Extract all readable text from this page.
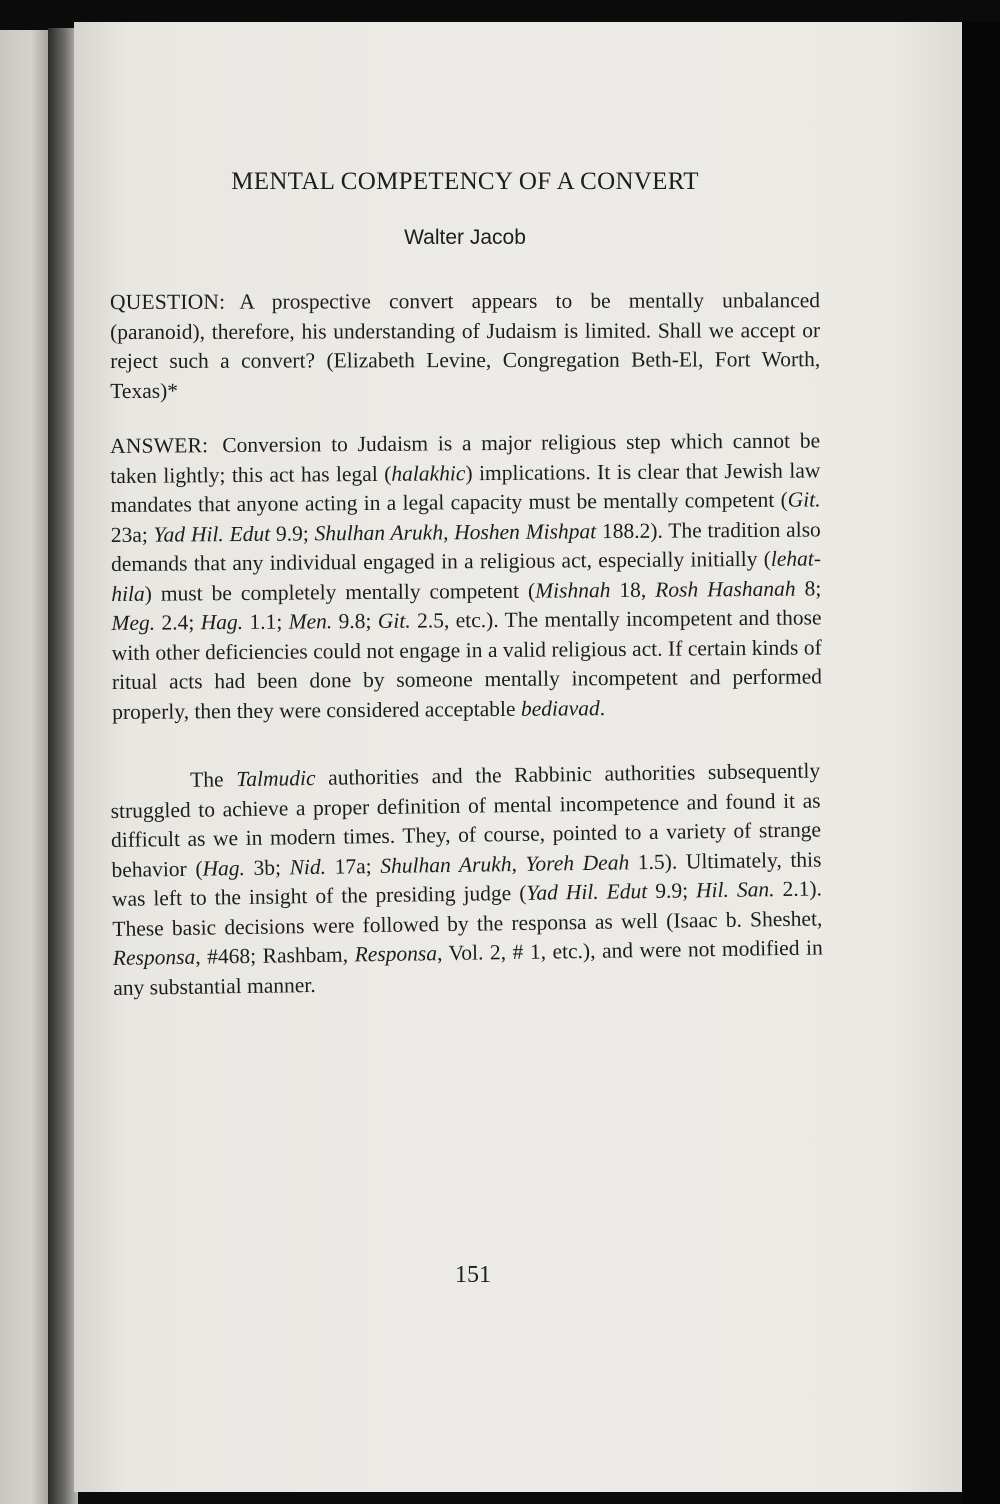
MENTAL COMPETENCY OF A CONVERT
Walter Jacob

QUESTION: A prospective convert appears to be mentally unbalanced (paranoid), therefore, his understanding of Judaism is limited. Shall we accept or reject such a convert? (Elizabeth Levine, Congregation Beth-El, Fort Worth, Texas)*

ANSWER: Conversion to Judaism is a major religious step which cannot be taken lightly; this act has legal (halakhic) implications. It is clear that Jewish law mandates that anyone acting in a legal capacity must be mentally competent (Git. 23a; Yad Hil. Edut 9.9; Shulhan Arukh, Hoshen Mishpat 188.2). The tradition also demands that any individual engaged in a religious act, especially initially (lehat-hila) must be completely mentally competent (Mishnah 18, Rosh Hashanah 8; Meg. 2.4; Hag. 1.1; Men. 9.8; Git. 2.5, etc.). The mentally incompetent and those with other deficiencies could not engage in a valid religious act. If certain kinds of ritual acts had been done by someone mentally incompetent and performed properly, then they were considered acceptable bediavad.

The Talmudic authorities and the Rabbinic authorities subsequently struggled to achieve a proper definition of mental incompetence and found it as difficult as we in modern times. They, of course, pointed to a variety of strange behavior (Hag. 3b; Nid. 17a; Shulhan Arukh, Yoreh Deah 1.5). Ultimately, this was left to the insight of the presiding judge (Yad Hil. Edut 9.9; Hil. San. 2.1). These basic decisions were followed by the responsa as well (Isaac b. Sheshet, Responsa, #468; Rashbam, Responsa, Vol. 2, # 1, etc.), and were not modified in any substantial manner.

151
